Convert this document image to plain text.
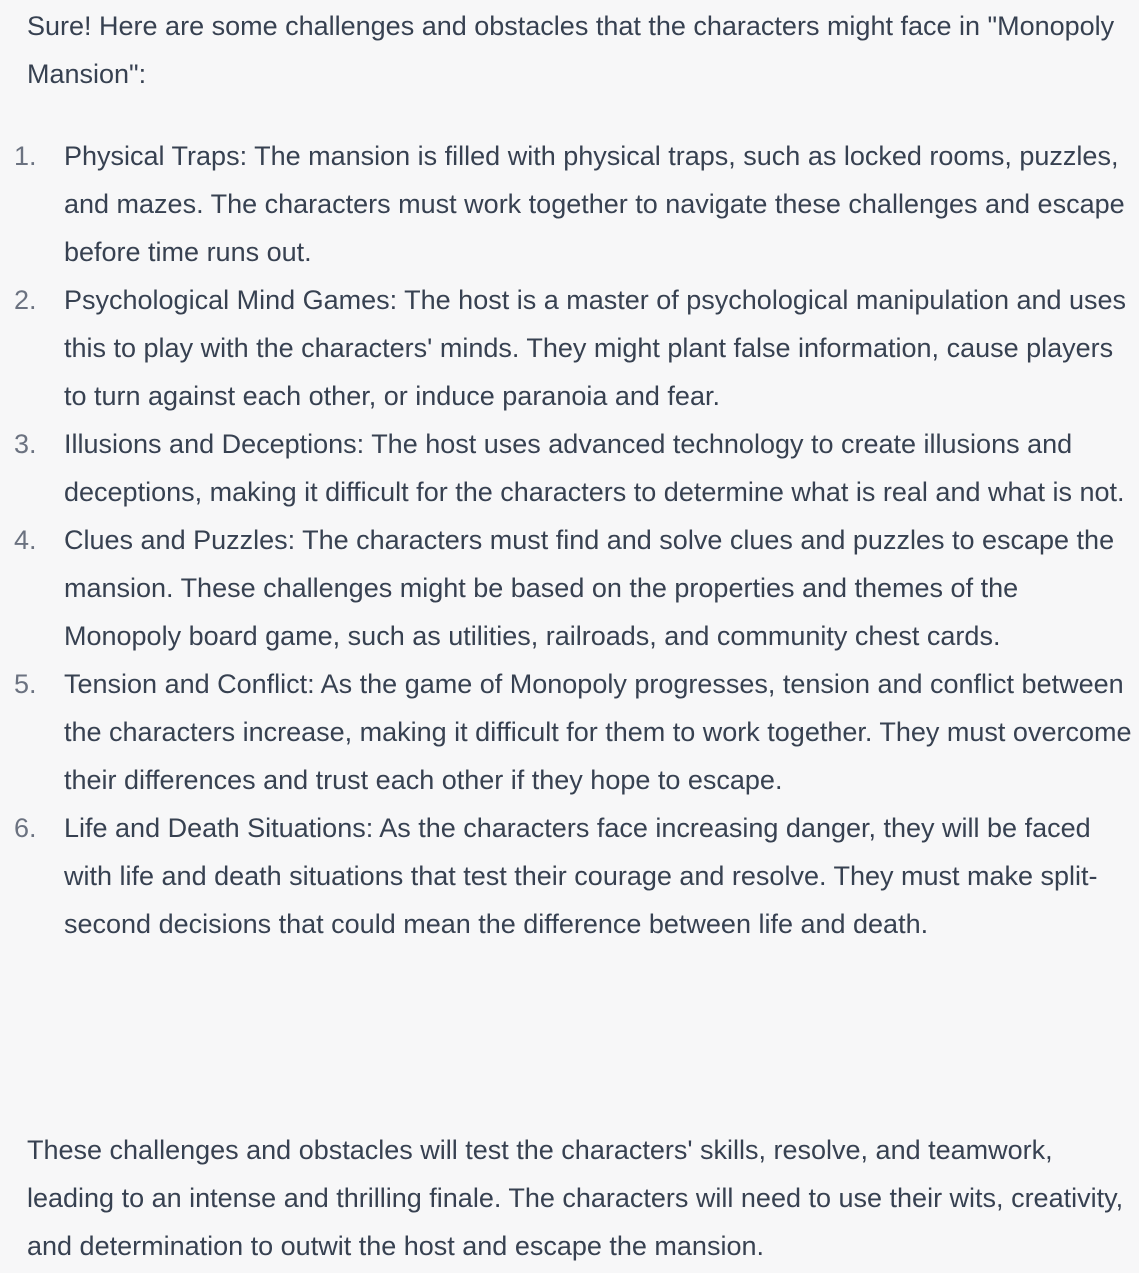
Sure! Here are some challenges and obstacles that the characters might face in "Monopoly Mansion":

1. Physical Traps: The mansion is filled with physical traps, such as locked rooms, puzzles, and mazes. The characters must work together to navigate these challenges and escape before time runs out.
2. Psychological Mind Games: The host is a master of psychological manipulation and uses this to play with the characters' minds. They might plant false information, cause players to turn against each other, or induce paranoia and fear.
3. Illusions and Deceptions: The host uses advanced technology to create illusions and deceptions, making it difficult for the characters to determine what is real and what is not.
4. Clues and Puzzles: The characters must find and solve clues and puzzles to escape the mansion. These challenges might be based on the properties and themes of the Monopoly board game, such as utilities, railroads, and community chest cards.
5. Tension and Conflict: As the game of Monopoly progresses, tension and conflict between the characters increase, making it difficult for them to work together. They must overcome their differences and trust each other if they hope to escape.
6. Life and Death Situations: As the characters face increasing danger, they will be faced with life and death situations that test their courage and resolve. They must make split-second decisions that could mean the difference between life and death.

These challenges and obstacles will test the characters' skills, resolve, and teamwork, leading to an intense and thrilling finale. The characters will need to use their wits, creativity, and determination to outwit the host and escape the mansion.
